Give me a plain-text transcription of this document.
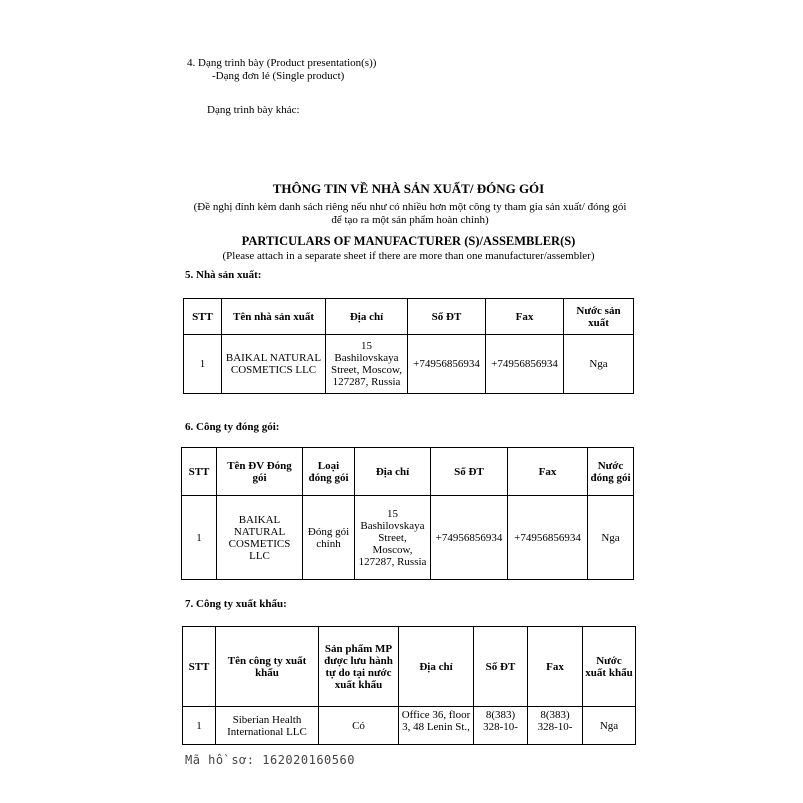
4. Dạng trình bày (Product presentation(s))
-Dạng đơn lẻ (Single product)
Dạng trình bày khác:
THÔNG TIN VỀ NHÀ SẢN XUẤT/ ĐÓNG GÓI
(Đề nghị đính kèm danh sách riêng nếu như có nhiều hơn một công ty tham gia sản xuất/ đóng gói để tạo ra một sản phẩm hoàn chỉnh)
PARTICULARS OF MANUFACTURER (S)/ASSEMBLER(S)
(Please attach in a separate sheet if there are more than one manufacturer/assembler)
5. Nhà sản xuất:
STT	Tên nhà sản xuất	Địa chỉ	Số ĐT	Fax	Nước sản xuất
1	BAIKAL NATURAL COSMETICS LLC	15 Bashilovskaya Street, Moscow, 127287, Russia	+74956856934	+74956856934	Nga
6. Công ty đóng gói:
STT	Tên ĐV Đóng gói	Loại đóng gói	Địa chỉ	Số ĐT	Fax	Nước đóng gói
1	BAIKAL NATURAL COSMETICS LLC	Đóng gói chính	15 Bashilovskaya Street, Moscow, 127287, Russia	+74956856934	+74956856934	Nga
7. Công ty xuất khẩu:
STT	Tên công ty xuất khẩu	Sản phẩm MP được lưu hành tự do tại nước xuất khẩu	Địa chỉ	Số ĐT	Fax	Nước xuất khẩu
1	Siberian Health International LLC	Có	Office 36, floor 3, 48 Lenin St.,	8(383) 328-10-	8(383) 328-10-	Nga
Mã hồ sơ: 162020160560
